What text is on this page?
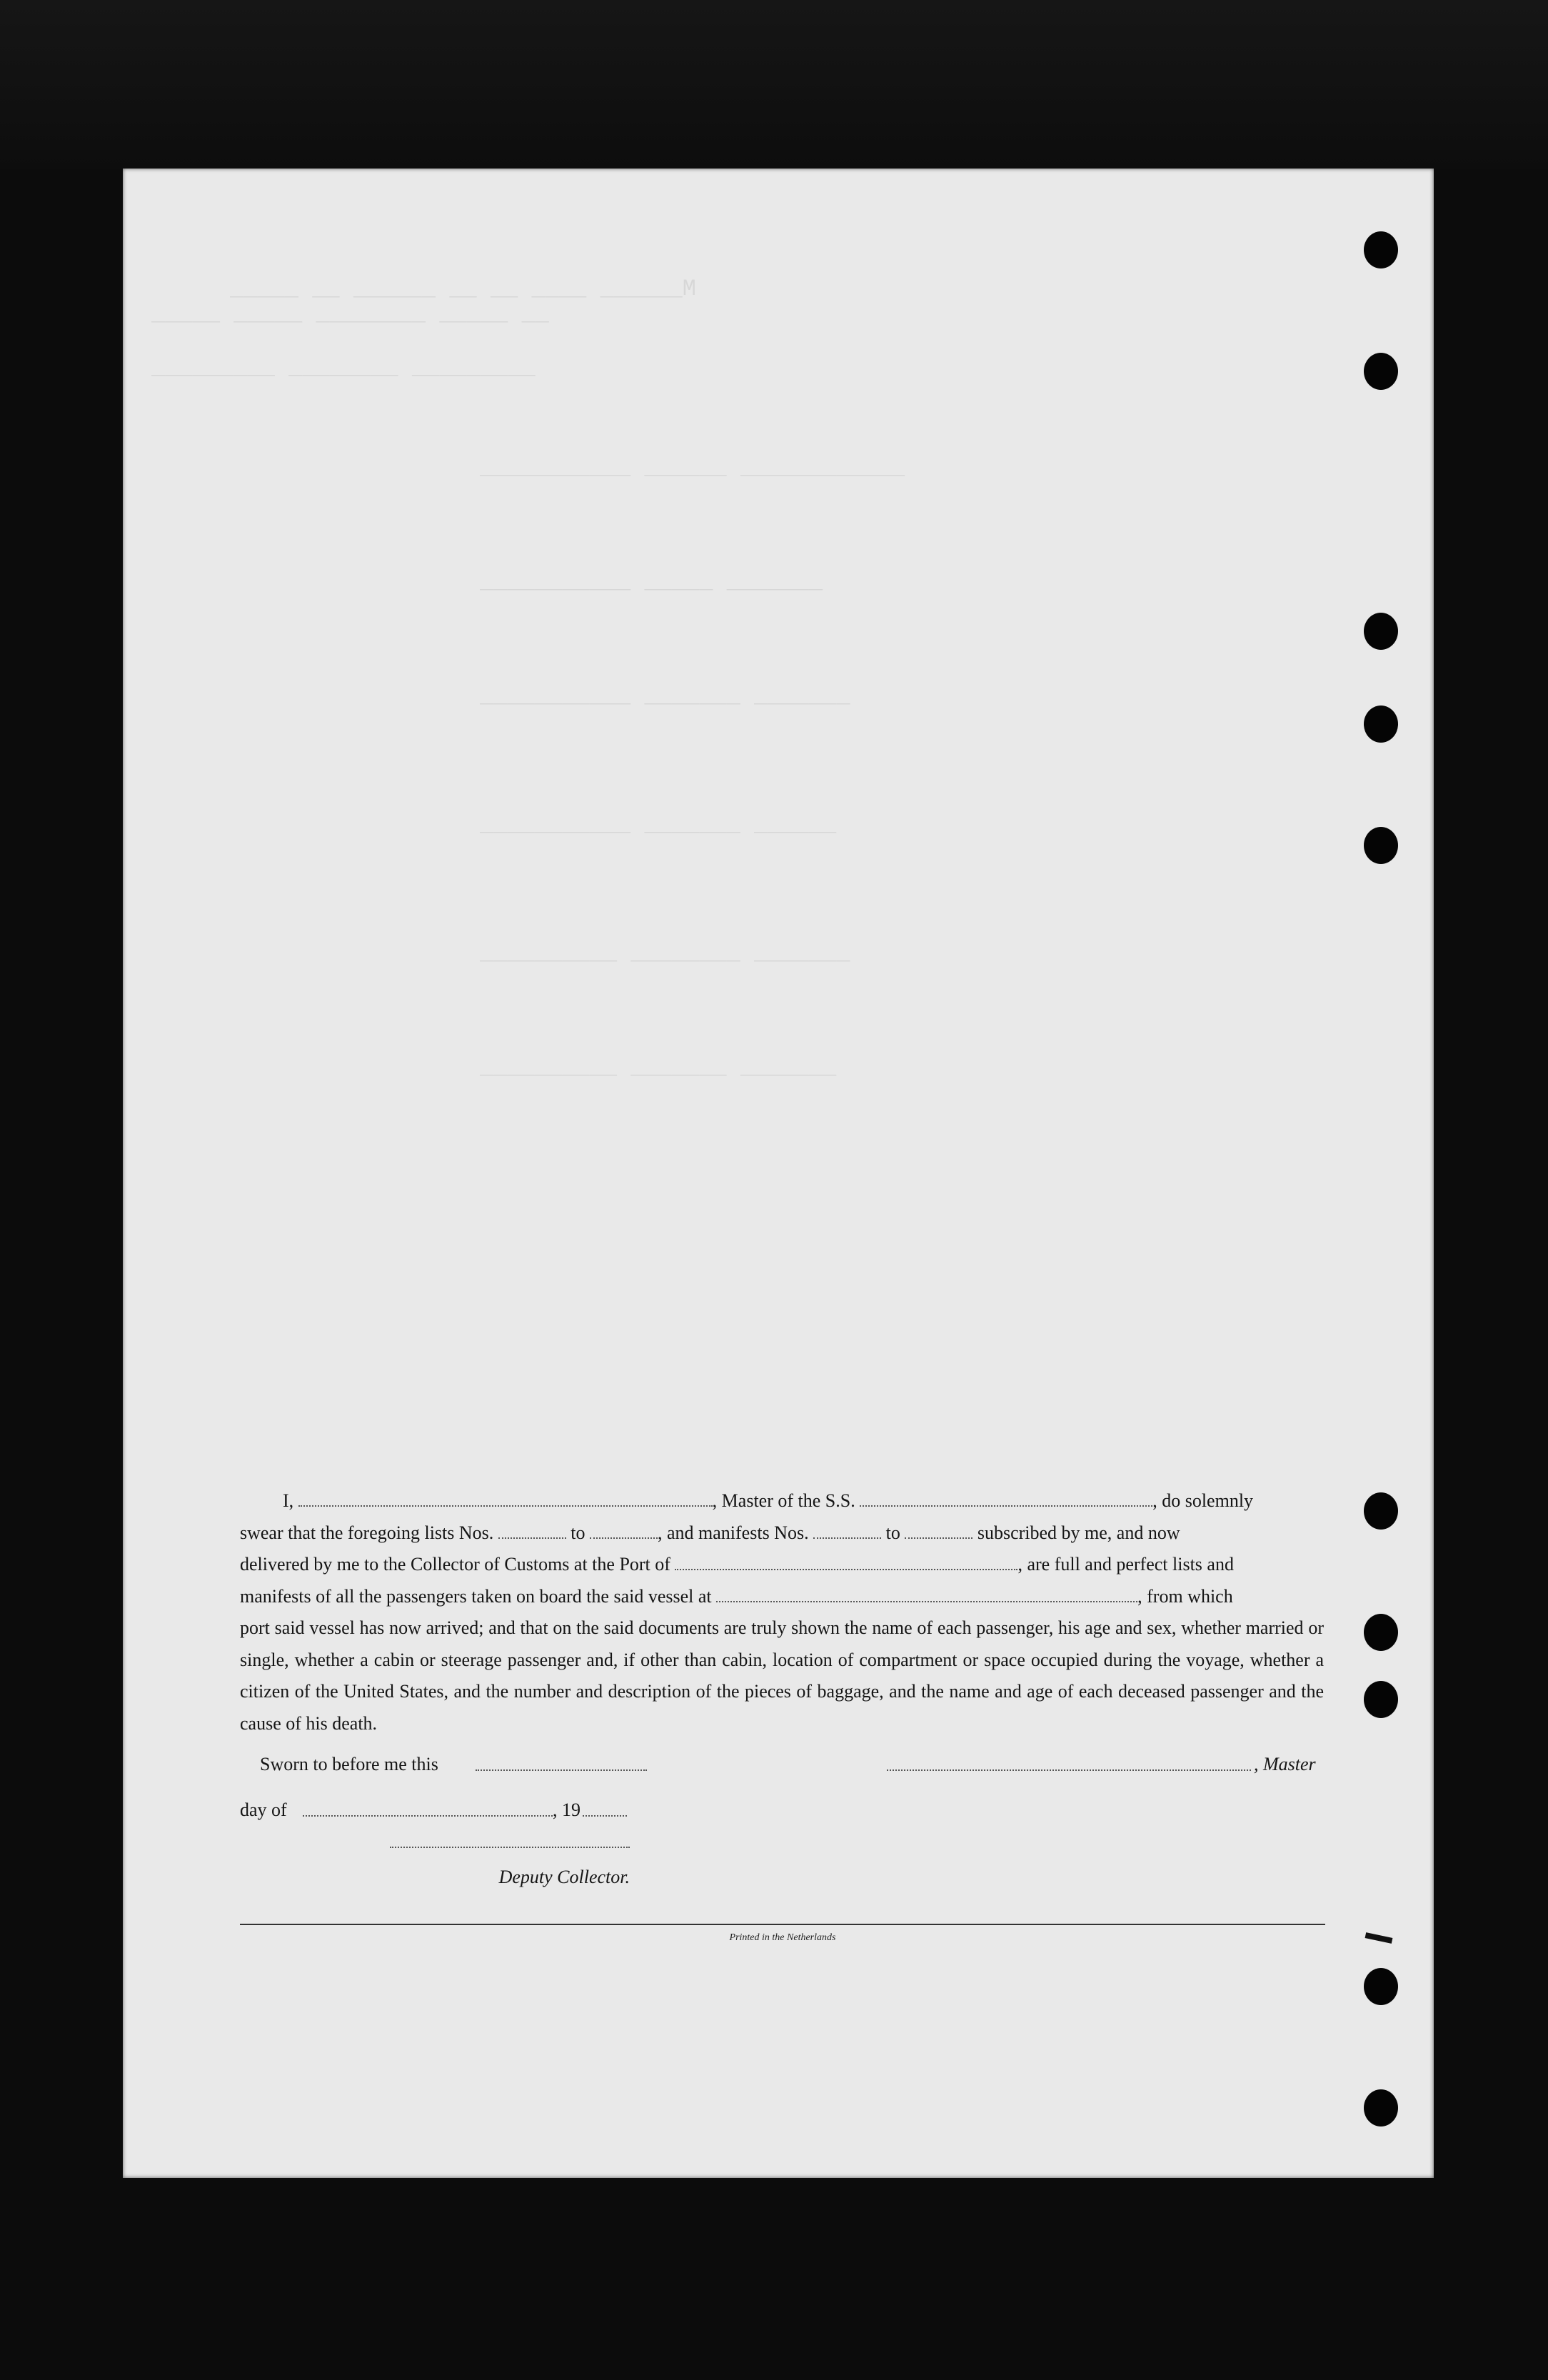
M______ ____ __ __ ______ __ _____
__ _____ ________ _____ _____
_________ ________ _________
____________ ______ ___________
_______ _____ ___________
_______ _______ ___________
______ _______ ___________
_______ ________ __________
_______ _______ __________

I,	, Master of the S.S.	, do solemnly

swear that the foregoing lists Nos.	to	, and manifests Nos.	to	subscribed by me, and now

delivered by me to the Collector of Customs at the Port of	, are full and perfect lists and

manifests of all the passengers taken on board the said vessel at	, from which

port said vessel has now arrived; and that on the said documents are truly shown the name of each passenger, his age and sex, whether married or single, whether a cabin or steerage passenger and, if other than cabin, location of compartment or space occupied during the voyage, whether a citizen of the United States, and the number and description of the pieces of baggage, and the name and age of each deceased passenger and the cause of his death.

Sworn to before me this	, Master
day of	, 19
Deputy Collector.
Printed in the Netherlands
